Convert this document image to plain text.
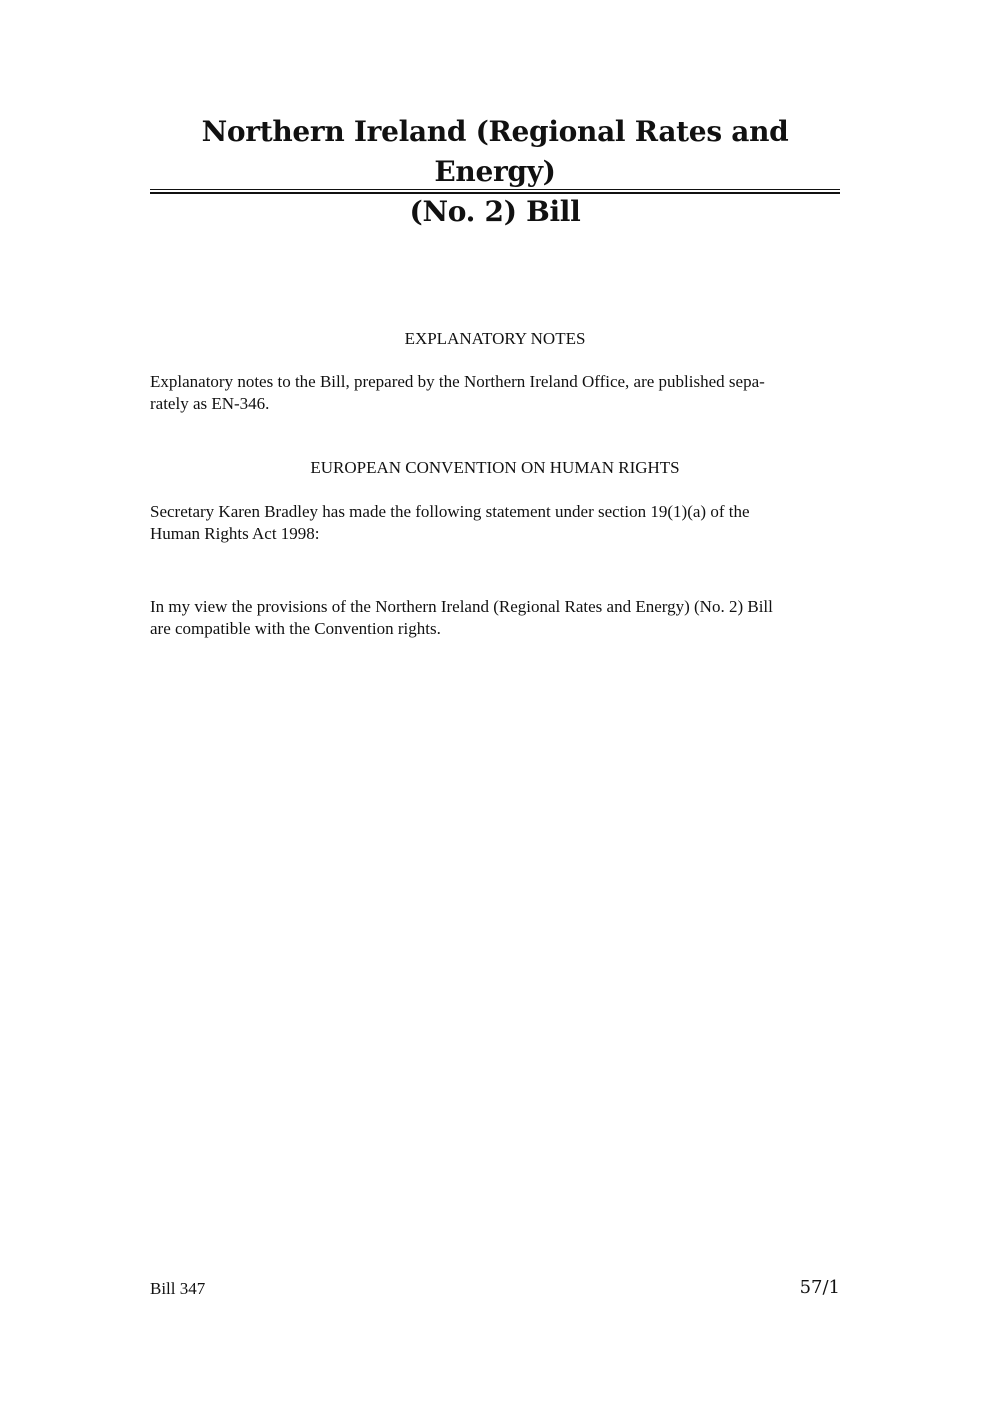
Northern Ireland (Regional Rates and Energy)
(No. 2) Bill
EXPLANATORY NOTES

Explanatory notes to the Bill, prepared by the Northern Ireland Office, are published sepa-
rately as EN-346.

EUROPEAN CONVENTION ON HUMAN RIGHTS

Secretary Karen Bradley has made the following statement under section 19(1)(a) of the
Human Rights Act 1998:

In my view the provisions of the Northern Ireland (Regional Rates and Energy) (No. 2) Bill
are compatible with the Convention rights.

Bill 347	57/1
